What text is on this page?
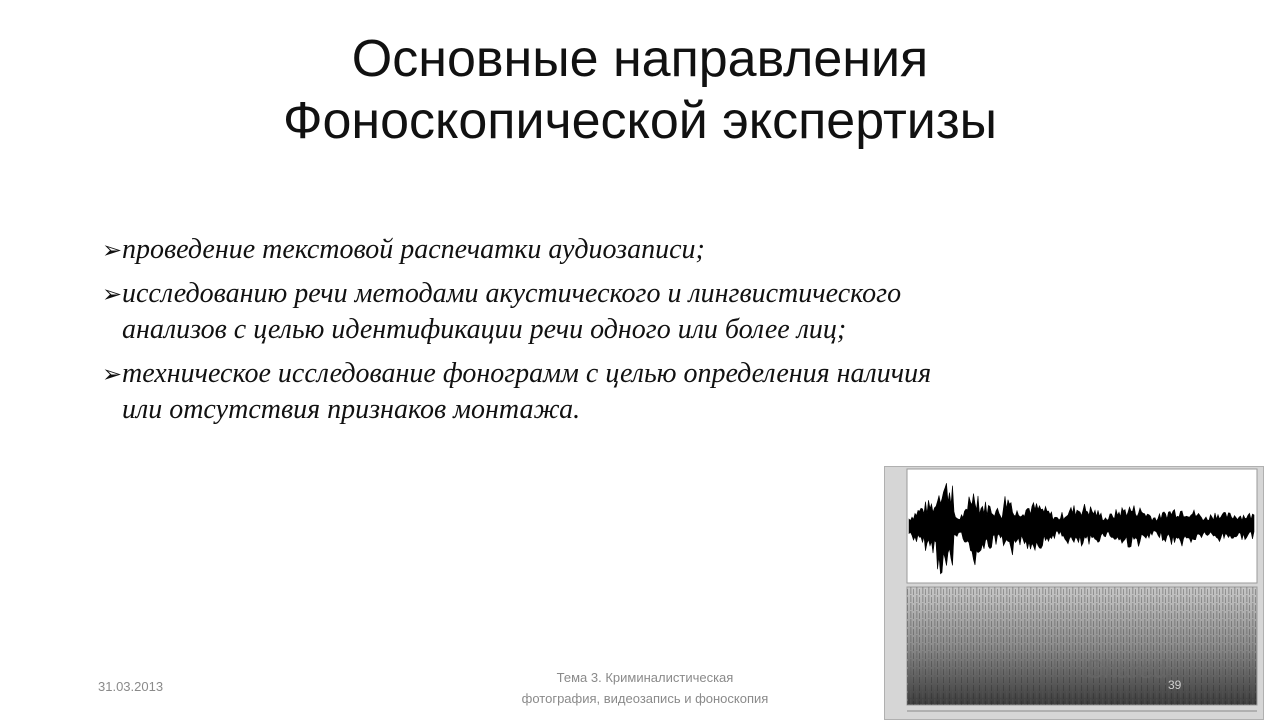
Основные направления
Фоноскопической экспертизы
➢ проведение текстовой распечатки аудиозаписи;
➢ исследованию речи методами акустического и лингвистического анализов с целью идентификации речи одного или более лиц;
➢ техническое исследование фонограмм с целью определения наличия или отсутствия признаков монтажа.
31.03.2013
Тема 3. Криминалистическая
фотография, видеозапись и фоноскопия
39
Shared
